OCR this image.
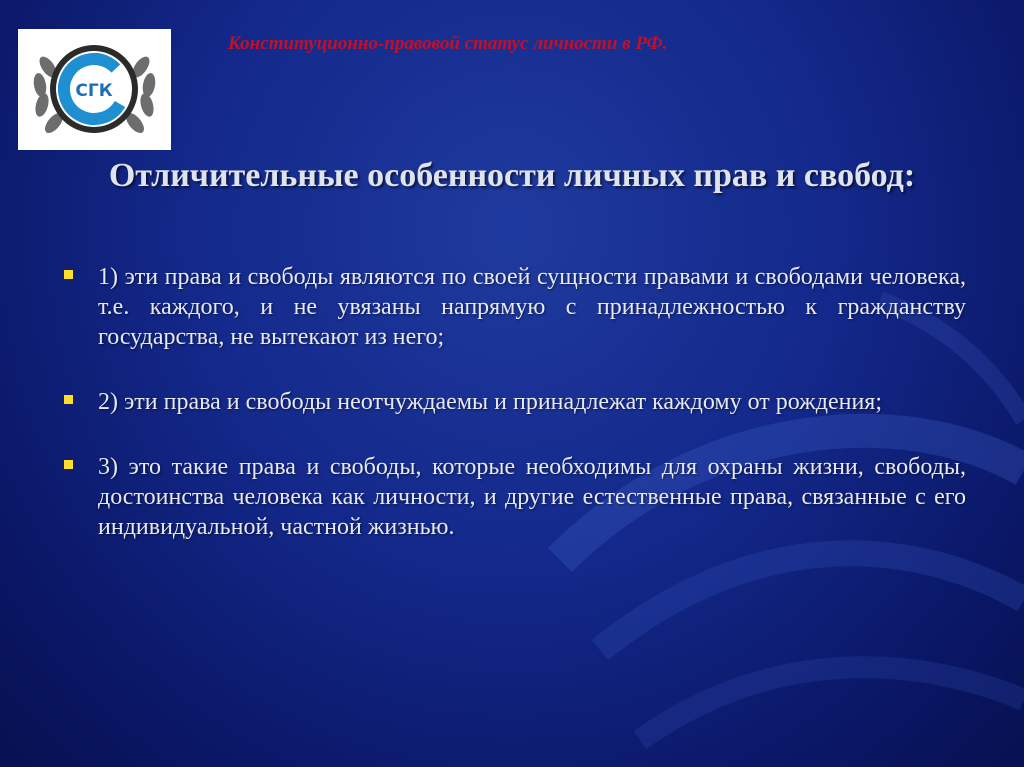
СГК

Конституционно-правовой статус личности в РФ.

Отличительные особенности личных прав и свобод:
1) эти права и свободы являются по своей сущности правами и свободами человека, т.е. каждого, и не увязаны напрямую с принадлежностью к гражданству государства, не вытекают из него;
2) эти права и свободы неотчуждаемы и принадлежат каждому от рождения;
3) это такие права и свободы, которые необходимы для охраны жизни, свободы, достоинства человека как личности, и другие естественные права, связанные с его индивидуальной, частной жизнью.
